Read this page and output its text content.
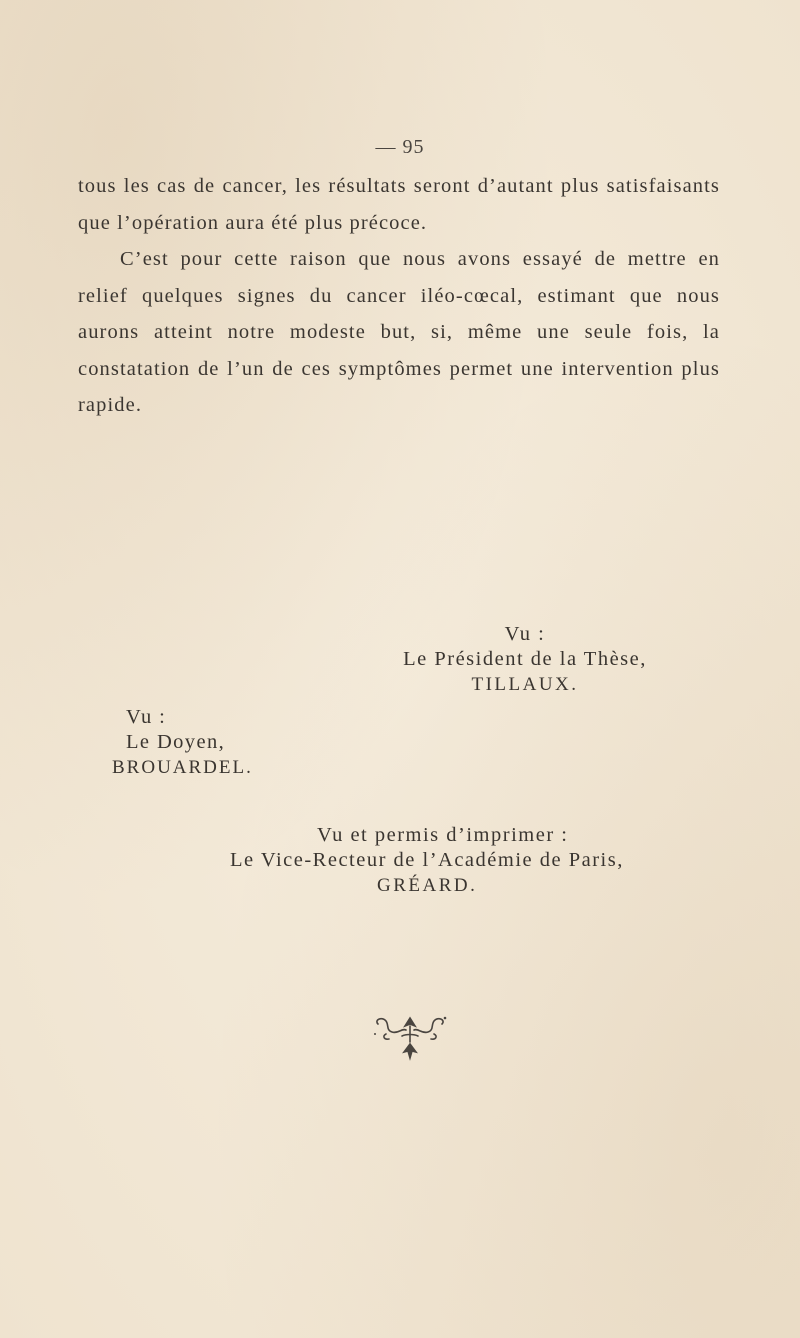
— 95

tous les cas de cancer, les résultats seront d’autant plus satisfaisants que l’opération aura été plus précoce.

C’est pour cette raison que nous avons essayé de mettre en relief quelques signes du cancer iléo-cœcal, estimant que nous aurons atteint notre modeste but, si, même une seule fois, la constatation de l’un de ces symptômes permet une intervention plus rapide.

Vu :
Le Président de la Thèse,
TILLAUX.
Vu :
Le Doyen,
BROUARDEL.
Vu et permis d’imprimer :
Le Vice-Recteur de l’Académie de Paris,
GRÉARD.
